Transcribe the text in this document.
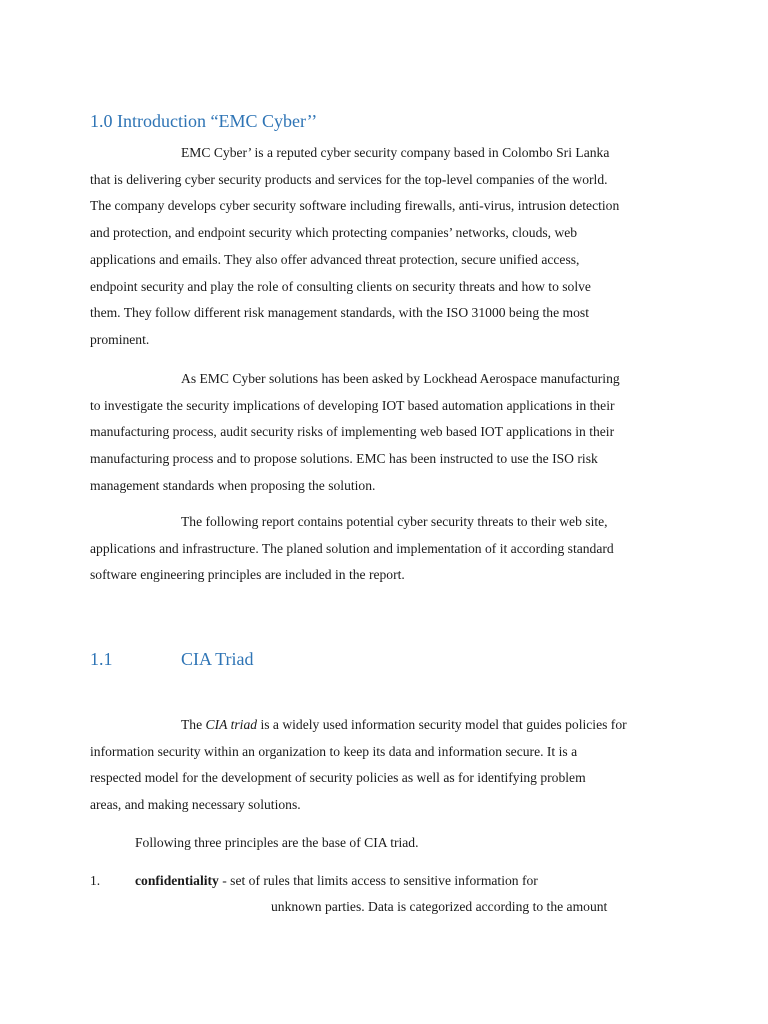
1.0 Introduction “EMC Cyber’’

EMC Cyber’ is a reputed cyber security company based in Colombo Sri Lanka
that is delivering cyber security products and services for the top-level companies of the world.
The company develops cyber security software including firewalls, anti-virus, intrusion detection
and protection, and endpoint security which protecting companies’ networks, clouds, web
applications and emails. They also offer advanced threat protection, secure unified access,
endpoint security and play the role of consulting clients on security threats and how to solve
them. They follow different risk management standards, with the ISO 31000 being the most
prominent.

As EMC Cyber solutions has been asked by Lockhead Aerospace manufacturing
to investigate the security implications of developing IOT based automation applications in their
manufacturing process, audit security risks of implementing web based IOT applications in their
manufacturing process and to propose solutions. EMC has been instructed to use the ISO risk
management standards when proposing the solution.

The following report contains potential cyber security threats to their web site,
applications and infrastructure. The planed solution and implementation of it according standard
software engineering principles are included in the report.

1.1	CIA Triad

The CIA triad is a widely used information security model that guides policies for
information security within an organization to keep its data and information secure. It is a
respected model for the development of security policies as well as for identifying problem
areas, and making necessary solutions.

Following three principles are the base of CIA triad.

1.	confidentiality - set of rules that limits access to sensitive information for
unknown parties. Data is categorized according to the amount
